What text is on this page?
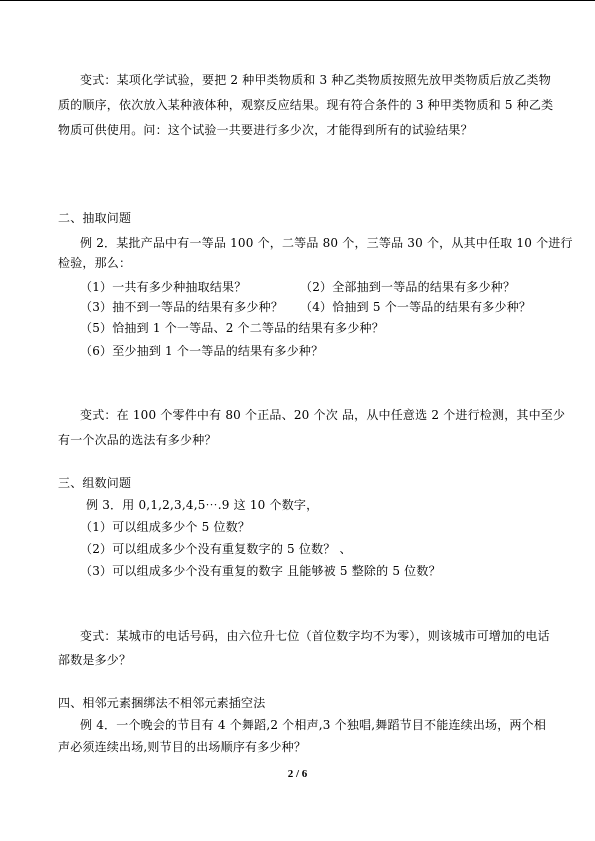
变式：某项化学试验，要把 2 种甲类物质和 3 种乙类物质按照先放甲类物质后放乙类物
质的顺序，依次放入某种液体种，观察反应结果。现有符合条件的 3 种甲类物质和 5 种乙类
物质可供使用。问：这个试验一共要进行多少次，才能得到所有的试验结果？
二、抽取问题
例 2．某批产品中有一等品 100 个，二等品 80 个，三等品 30 个，从其中任取 10 个进行
检验，那么：
（1）一共有多少种抽取结果？	（2）全部抽到一等品的结果有多少种？
（3）抽不到一等品的结果有多少种？ （4）恰抽到 5 个一等品的结果有多少种？
（5）恰抽到 1 个一等品、2 个二等品的结果有多少种？
（6）至少抽到 1 个一等品的结果有多少种？
变式：在 100 个零件中有 80 个正品、20 个次 品，从中任意选 2 个进行检测，其中至少
有一个次品的选法有多少种？
三、组数问题
例 3．用 0,1,2,3,4,5⋯.9 这 10 个数字，
（1）可以组成多少个 5 位数？
（2）可以组成多少个没有重复数字的 5 位数？ 、
（3）可以组成多少个没有重复的数字 且能够被 5 整除的 5 位数？
变式：某城市的电话号码，由六位升七位（首位数字均不为零），则该城市可增加的电话
部数是多少？
四、相邻元素捆绑法不相邻元素插空法
例 4．一个晚会的节目有 4 个舞蹈,2 个相声,3 个独唱,舞蹈节目不能连续出场，两个相
声必须连续出场,则节目的出场顺序有多少种？
2 / 6
